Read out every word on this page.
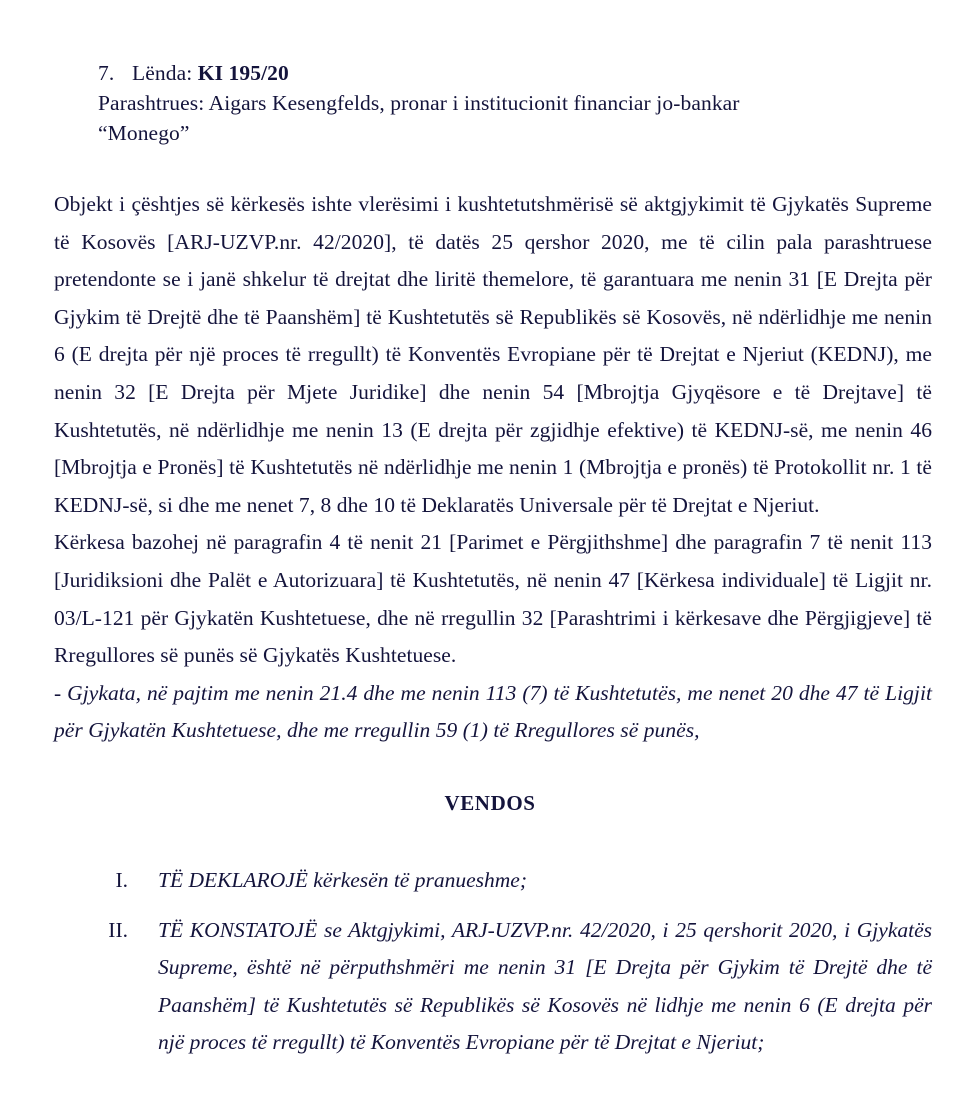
7. Lënda: KI 195/20
Parashtrues: Aigars Kesengfelds, pronar i institucionit financiar jo-bankar
“Monego”

Objekt i çështjes së kërkesës ishte vlerësimi i kushtetutshmërisë së aktgjykimit të Gjykatës Supreme të Kosovës [ARJ-UZVP.nr. 42/2020], të datës 25 qershor 2020, me të cilin pala parashtruese pretendonte se i janë shkelur të drejtat dhe liritë themelore, të garantuara me nenin 31 [E Drejta për Gjykim të Drejtë dhe të Paanshëm] të Kushtetutës së Republikës së Kosovës, në ndërlidhje me nenin 6 (E drejta për një proces të rregullt) të Konventës Evropiane për të Drejtat e Njeriut (KEDNJ), me nenin 32 [E Drejta për Mjete Juridike] dhe nenin 54 [Mbrojtja Gjyqësore e të Drejtave] të Kushtetutës, në ndërlidhje me nenin 13 (E drejta për zgjidhje efektive) të KEDNJ-së, me nenin 46 [Mbrojtja e Pronës] të Kushtetutës në ndërlidhje me nenin 1 (Mbrojtja e pronës) të Protokollit nr. 1 të KEDNJ-së, si dhe me nenet 7, 8 dhe 10 të Deklaratës Universale për të Drejtat e Njeriut.

Kërkesa bazohej në paragrafin 4 të nenit 21 [Parimet e Përgjithshme] dhe paragrafin 7 të nenit 113 [Juridiksioni dhe Palët e Autorizuara] të Kushtetutës, në nenin 47 [Kërkesa individuale] të Ligjit nr. 03/L-121 për Gjykatën Kushtetuese, dhe në rregullin 32 [Parashtrimi i kërkesave dhe Përgjigjeve] të Rregullores së punës së Gjykatës Kushtetuese.

- Gjykata, në pajtim me nenin 21.4 dhe me nenin 113 (7) të Kushtetutës, me nenet 20 dhe 47 të Ligjit për Gjykatën Kushtetuese, dhe me rregullin 59 (1) të Rregullores së punës,

VENDOS
I.	TË DEKLAROJË kërkesën të pranueshme;
II.	TË KONSTATOJË se Aktgjykimi, ARJ-UZVP.nr. 42/2020, i 25 qershorit 2020, i Gjykatës Supreme, është në përputhshmëri me nenin 31 [E Drejta për Gjykim të Drejtë dhe të Paanshëm] të Kushtetutës së Republikës së Kosovës në lidhje me nenin 6 (E drejta për një proces të rregullt) të Konventës Evropiane për të Drejtat e Njeriut;
